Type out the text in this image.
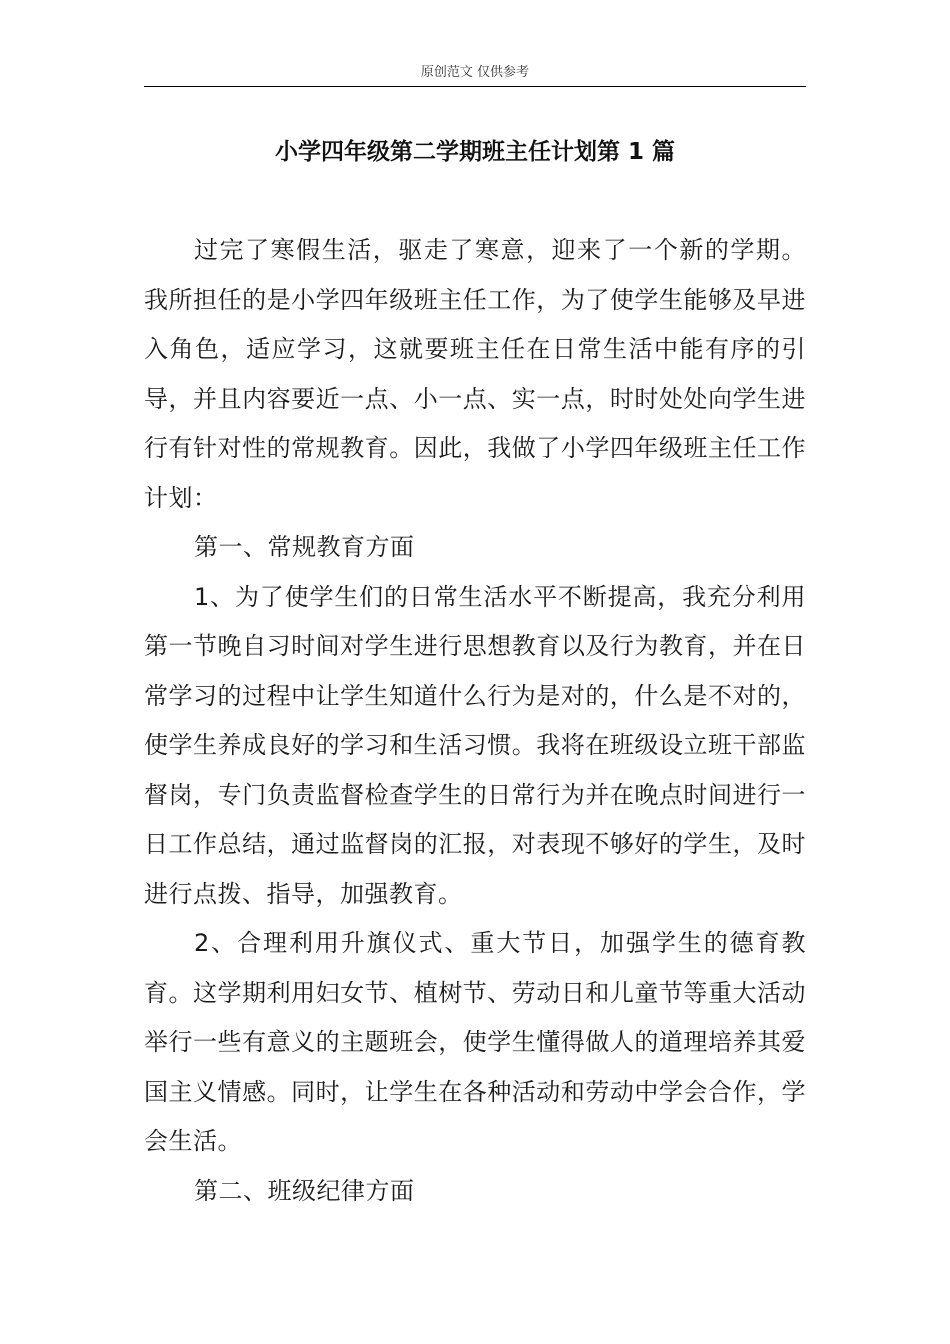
原创范文 仅供参考
小学四年级第二学期班主任计划第 1 篇

过完了寒假生活，驱走了寒意，迎来了一个新的学期。我所担任的是小学四年级班主任工作，为了使学生能够及早进入角色，适应学习，这就要班主任在日常生活中能有序的引导，并且内容要近一点、小一点、实一点，时时处处向学生进行有针对性的常规教育。因此，我做了小学四年级班主任工作计划：

第一、常规教育方面

1、为了使学生们的日常生活水平不断提高，我充分利用第一节晚自习时间对学生进行思想教育以及行为教育，并在日常学习的过程中让学生知道什么行为是对的，什么是不对的，使学生养成良好的学习和生活习惯。我将在班级设立班干部监督岗，专门负责监督检查学生的日常行为并在晚点时间进行一日工作总结，通过监督岗的汇报，对表现不够好的学生，及时进行点拨、指导，加强教育。

2、合理利用升旗仪式、重大节日，加强学生的德育教育。这学期利用妇女节、植树节、劳动日和儿童节等重大活动举行一些有意义的主题班会，使学生懂得做人的道理培养其爱国主义情感。同时，让学生在各种活动和劳动中学会合作，学会生活。

第二、班级纪律方面
